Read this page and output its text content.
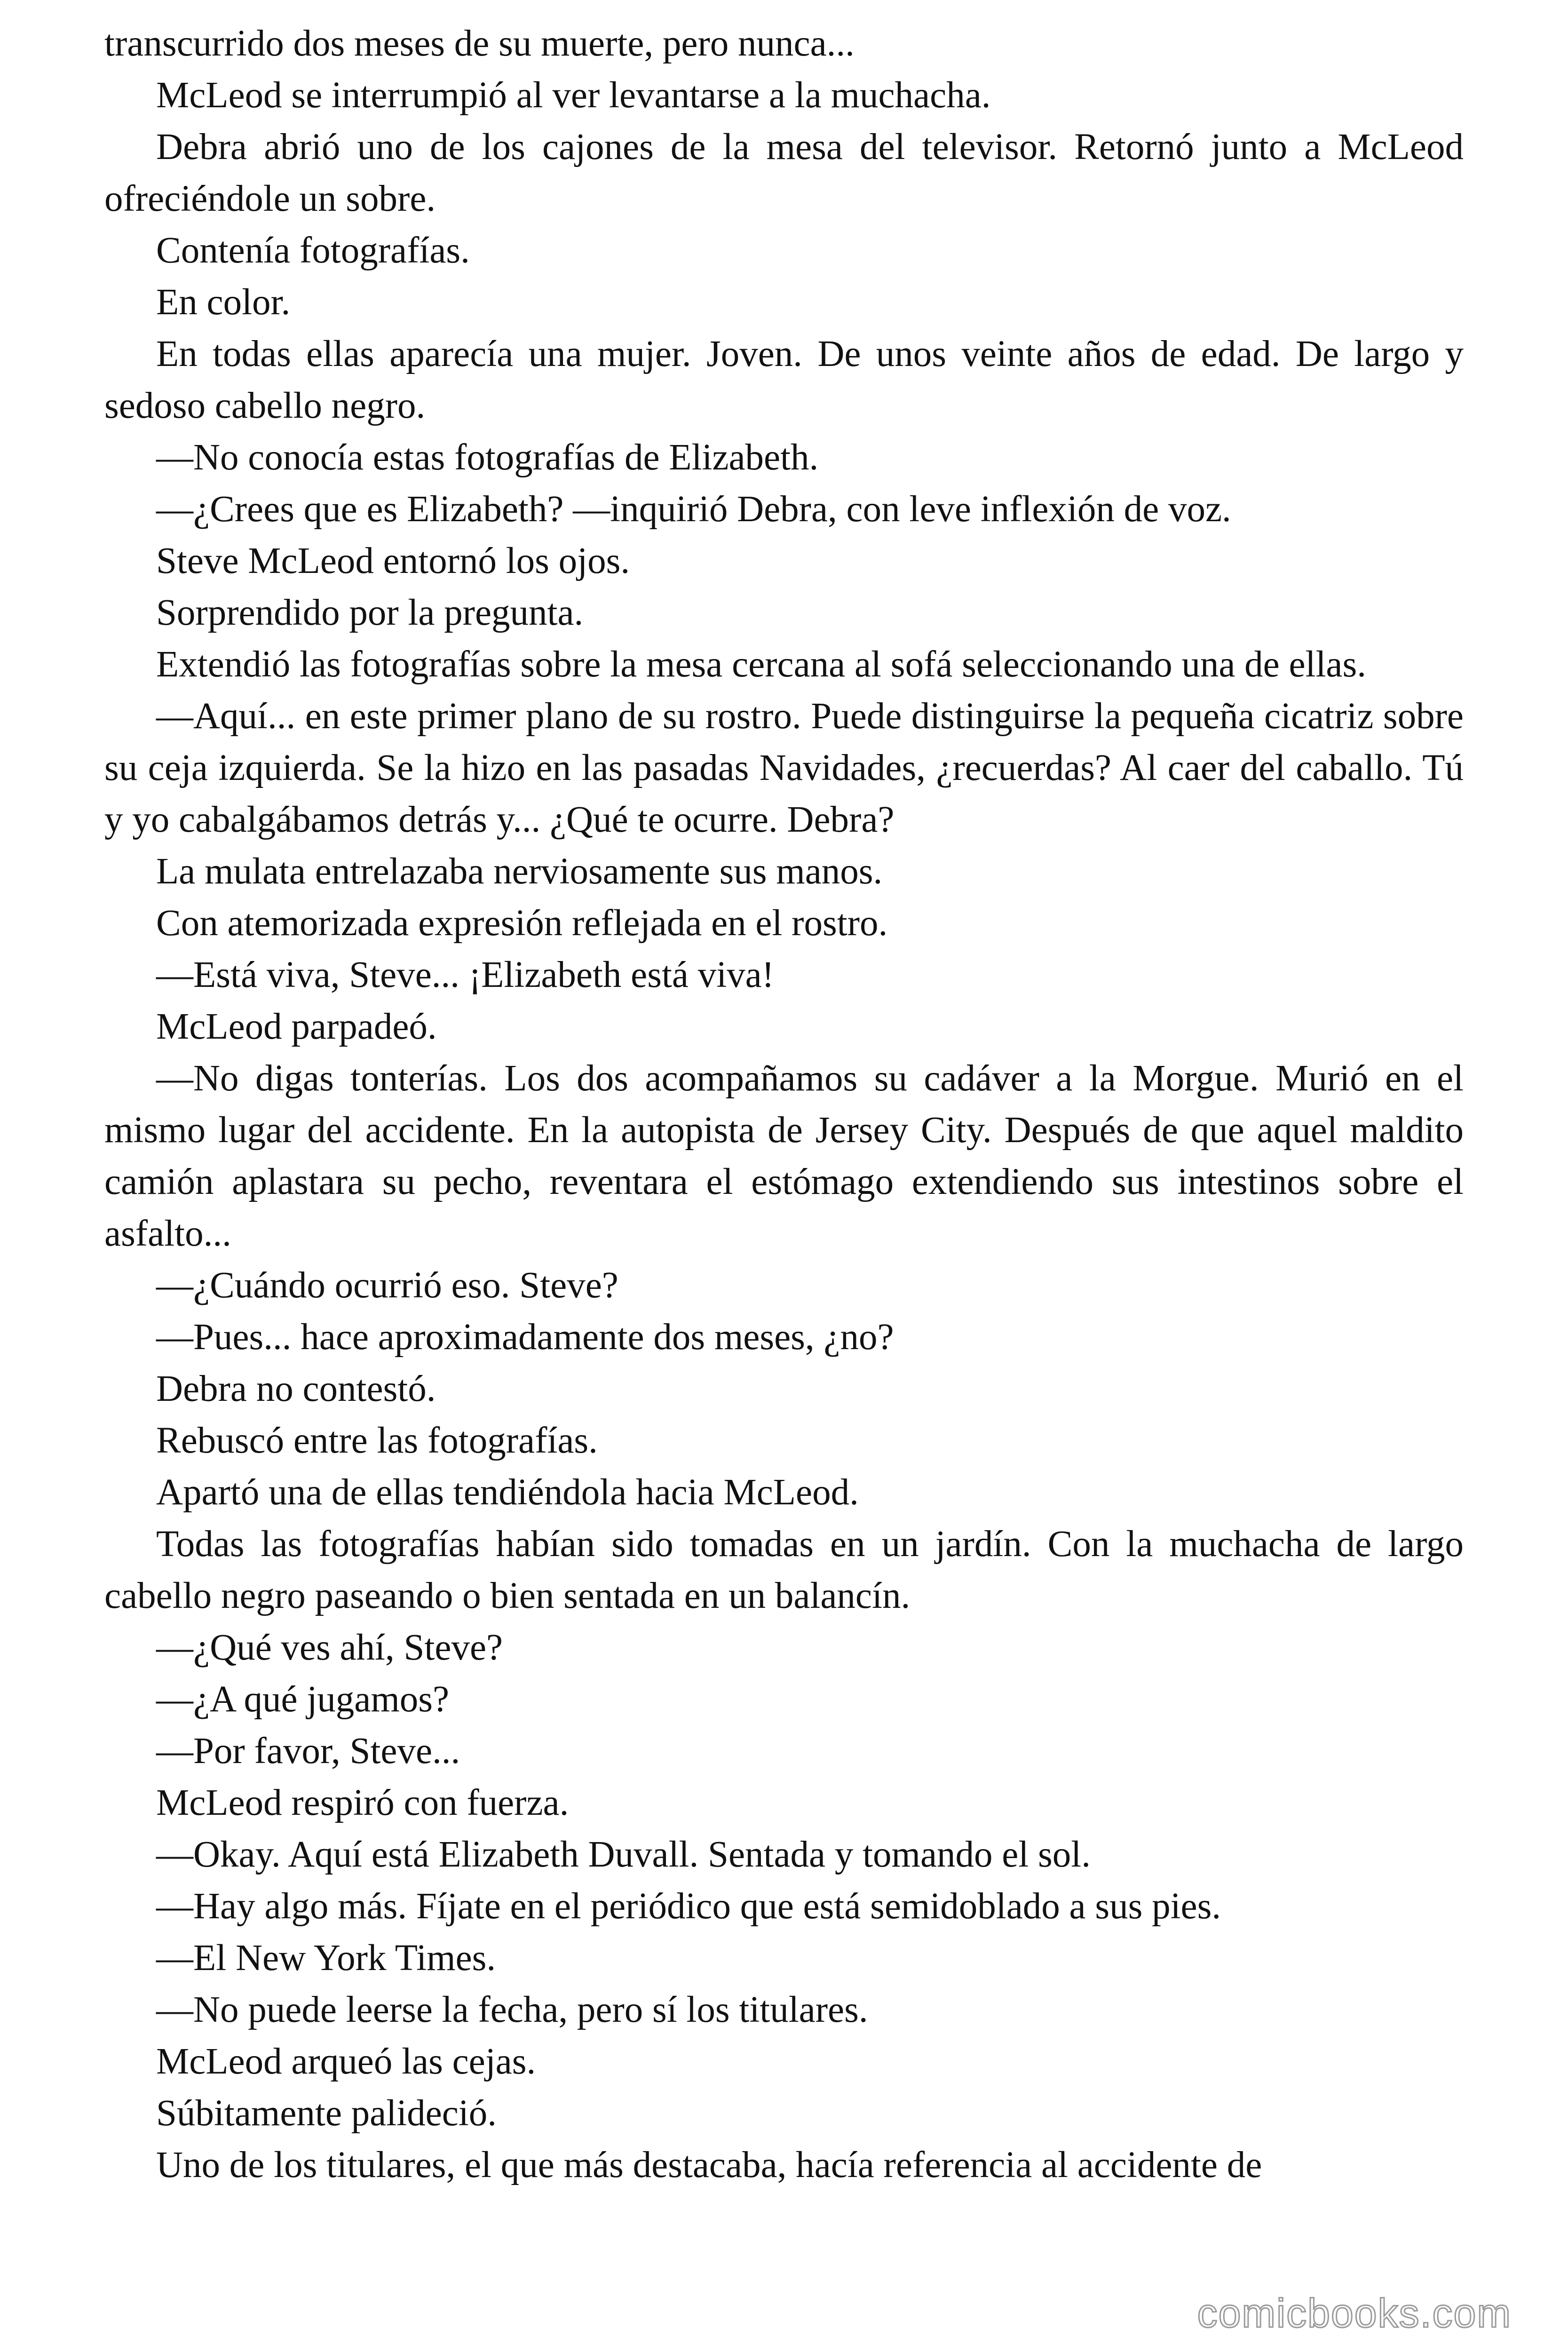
transcurrido dos meses de su muerte, pero nunca...

McLeod se interrumpió al ver levantarse a la muchacha.

Debra abrió uno de los cajones de la mesa del televisor. Retornó junto a McLeod ofreciéndole un sobre.

Contenía fotografías.

En color.

En todas ellas aparecía una mujer. Joven. De unos veinte años de edad. De largo y sedoso cabello negro.

—No conocía estas fotografías de Elizabeth.

—¿Crees que es Elizabeth? —inquirió Debra, con leve inflexión de voz.

Steve McLeod entornó los ojos.

Sorprendido por la pregunta.

Extendió las fotografías sobre la mesa cercana al sofá seleccionando una de ellas.

—Aquí... en este primer plano de su rostro. Puede distinguirse la pequeña cicatriz sobre su ceja izquierda. Se la hizo en las pasadas Navidades, ¿recuerdas? Al caer del caballo. Tú y yo cabalgábamos detrás y... ¿Qué te ocurre. Debra?

La mulata entrelazaba nerviosamente sus manos.

Con atemorizada expresión reflejada en el rostro.

—Está viva, Steve... ¡Elizabeth está viva!

McLeod parpadeó.

—No digas tonterías. Los dos acompañamos su cadáver a la Morgue. Murió en el mismo lugar del accidente. En la autopista de Jersey City. Después de que aquel maldito camión aplastara su pecho, reventara el estómago extendiendo sus intestinos sobre el asfalto...

—¿Cuándo ocurrió eso. Steve?

—Pues... hace aproximadamente dos meses, ¿no?

Debra no contestó.

Rebuscó entre las fotografías.

Apartó una de ellas tendiéndola hacia McLeod.

Todas las fotografías habían sido tomadas en un jardín. Con la muchacha de largo cabello negro paseando o bien sentada en un balancín.

—¿Qué ves ahí, Steve?

—¿A qué jugamos?

—Por favor, Steve...

McLeod respiró con fuerza.

—Okay. Aquí está Elizabeth Duvall. Sentada y tomando el sol.

—Hay algo más. Fíjate en el periódico que está semidoblado a sus pies.

—El New York Times.

—No puede leerse la fecha, pero sí los titulares.

McLeod arqueó las cejas.

Súbitamente palideció.

Uno de los titulares, el que más destacaba, hacía referencia al accidente de

comicbooks.com
